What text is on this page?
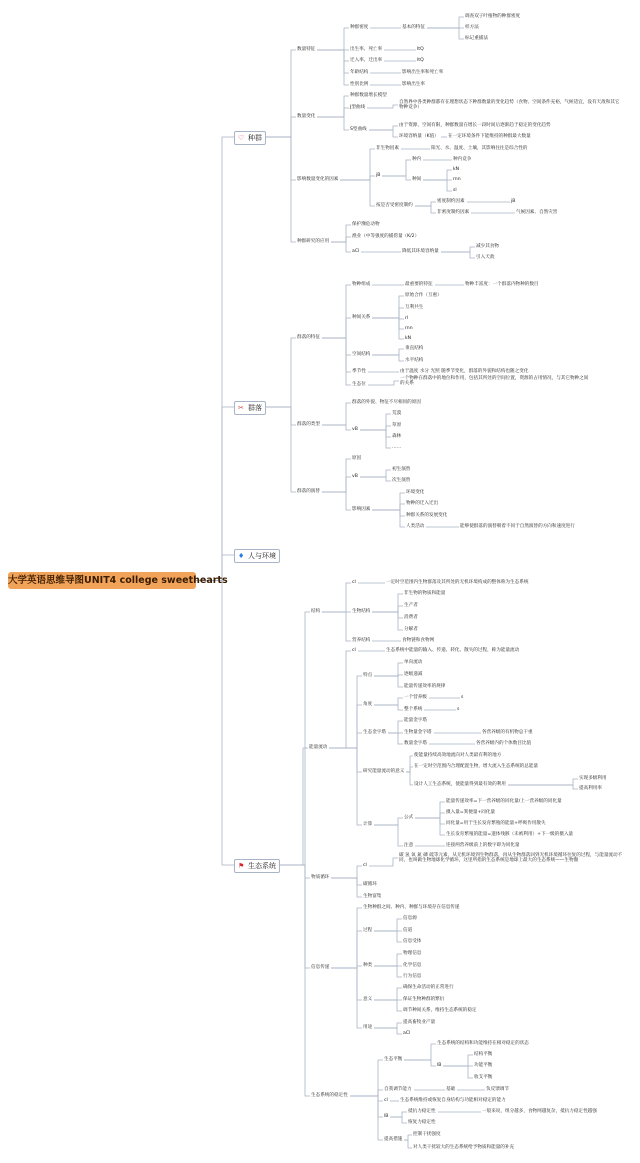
大学英语思维导图UNIT4 college sweethearts
♡ 种群
✂ 群落
♦ 人与环境
⚑ 生态系统
数量特征
种群密度	基本的特征
调查双子叶植物的种群密度
样方法
标记重捕法
出生率、死亡率	ltQ
迁入率、迁出率	ltQ
年龄结构	影响出生率和死亡率
性别比例	影响出生率
数量变化
种群数量增长模型
J型曲线
自然界中各类种群都有在理想状态下种群数量的变化趋势（食物、空间条件充裕，气候适宜，没有天敌和其它物种竞争）
S型曲线
由于资源、空间有限，种群数量在增长一段时间后逐渐趋于稳定的变化趋势
环境容纳量（K值） 在一定环境条件下能维持的种群最大数量
影响数量变化的因素
非生物因素	阳光、水、温度、土壤，其影响往往是综合性的
jB
种内	种内竞争
种间
kN
rnn
sl
按是否受密度制约
密度制约因素	jB
非密度制约因素	气候因素、自然灾害
种群研究的应用
保护濒危动物
渔业（中等强度的捕捞量（K/2）
aCl	降低其环境容纳量
减少其食物
引入天敌
群落的特征
物种组成	最重要的特征	物种丰富度：一个群落内物种的数目
种间关系
原始合作（互惠）
互利共生
rl
rnn
kN
空间结构
垂直结构
水平结构
季节性	由于温度 水分 光照 随季节变化，群落的外貌和结构也随之变化
生态位
一个物种在群落中的地位和作用，包括其所处的空间位置，资源的占用情况，与其它物种之间的关系
群落的类型
群落的外貌、物征不尽相同的原因
vB
荒漠
草原
森林
……
群落的演替
原因
vB
初生演替
次生演替
影响因素
环境变化
物种的迁入迁出
种群关系的发展变化
人类活动	能够使群落的演替朝着不同于自然演替的方向和速度进行
结构
cl	一定时空范围内生物群落及其所处的无机环境构成的整体称为生态系统
生物结构
非生物的物质和能量
生产者
消费者
分解者
营养结构	食物链和食物网
能量流动
cl	生态系统中能量的输入、传递、转化、散失的过程，称为能量流动
特点
单向流动
逐级递减
能量传递效率的规律
角度
一个营养级	s
整个系统	s
生态金字塔
能量金字塔
生物量金字塔	各营养级的有机物总干重
数量金字塔	各营养级内的个体数目比值
研究能量流动的意义
使能量持续高效地流向对人类最有利的地方
在一定时空范围内合理配置生物，增大流入生态系统的总能量
设计人工生态系统，使能量得到最有效的利用
实现多级利用
提高利用率
计算
公式
能量传递效率=下一营养级的同化量/上一营养级的同化量
摄入量=粪便量+同化量
同化量=用于生长发育繁殖的能量+呼吸作用散失
生长发育繁殖的能量=遗体残骸（未被利用）+下一级的摄入量
注意	连接两营养级前上的数字即为同化量
物质循环
cl
碳 氢 氧 氮 磷 硫等元素，从无机环境到生物群落，再从生物群落回到无机环境循环往复的过程，与能量流动不同，也叫做生物地球化学循环，这里所指的生态系统是地球上最大的生态系统——生物圈
碳循环
生物富集
信息传递
生物种群之间、种内、种群与环境存在信息传递
过程
信息源
信道
信息受体
种类
物理信息
化学信息
行为信息
意义
确保生命活动的正常进行
保证生物种群的繁衍
调节种间关系，维持生态系统的稳定
用途
提高畜牧业产量
aCl
生态系统的稳定性
生态平衡
生态系统的结构和功能维持在相对稳定的状态
lB
结构平衡
功能平衡
收支平衡
自我调节能力	基础	负反馈调节
cl	生态系统维持或恢复自身结构与功能相对稳定的能力
lB
抵抗力稳定性	一般来说，组分越多，食物网越复杂，抵抗力稳定性越强
恢复力稳定性
提高措施
控制干扰强度
对人类干扰较大的生态系统给予物质和能量的补充
